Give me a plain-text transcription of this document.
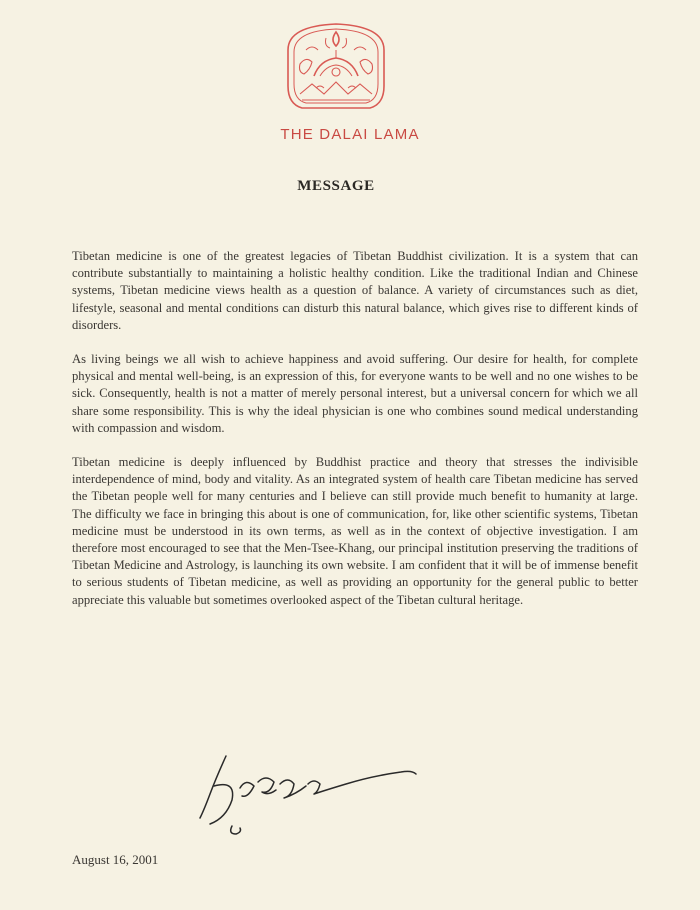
THE DALAI LAMA
MESSAGE

Tibetan medicine is one of the greatest legacies of Tibetan Buddhist civilization. It is a system that can contribute substantially to maintaining a holistic healthy condition. Like the traditional Indian and Chinese systems, Tibetan medicine views health as a question of balance. A variety of circumstances such as diet, lifestyle, seasonal and mental conditions can disturb this natural balance, which gives rise to different kinds of disorders.

As living beings we all wish to achieve happiness and avoid suffering. Our desire for health, for complete physical and mental well-being, is an expression of this, for everyone wants to be well and no one wishes to be sick. Consequently, health is not a matter of merely personal interest, but a universal concern for which we all share some responsibility. This is why the ideal physician is one who combines sound medical understanding with compassion and wisdom.

Tibetan medicine is deeply influenced by Buddhist practice and theory that stresses the indivisible interdependence of mind, body and vitality. As an integrated system of health care Tibetan medicine has served the Tibetan people well for many centuries and I believe can still provide much benefit to humanity at large. The difficulty we face in bringing this about is one of communication, for, like other scientific systems, Tibetan medicine must be understood in its own terms, as well as in the context of objective investigation. I am therefore most encouraged to see that the Men-Tsee-Khang, our principal institution preserving the traditions of Tibetan Medicine and Astrology, is launching its own website. I am confident that it will be of immense benefit to serious students of Tibetan medicine, as well as providing an opportunity for the general public to better appreciate this valuable but sometimes overlooked aspect of the Tibetan cultural heritage.

August 16, 2001
